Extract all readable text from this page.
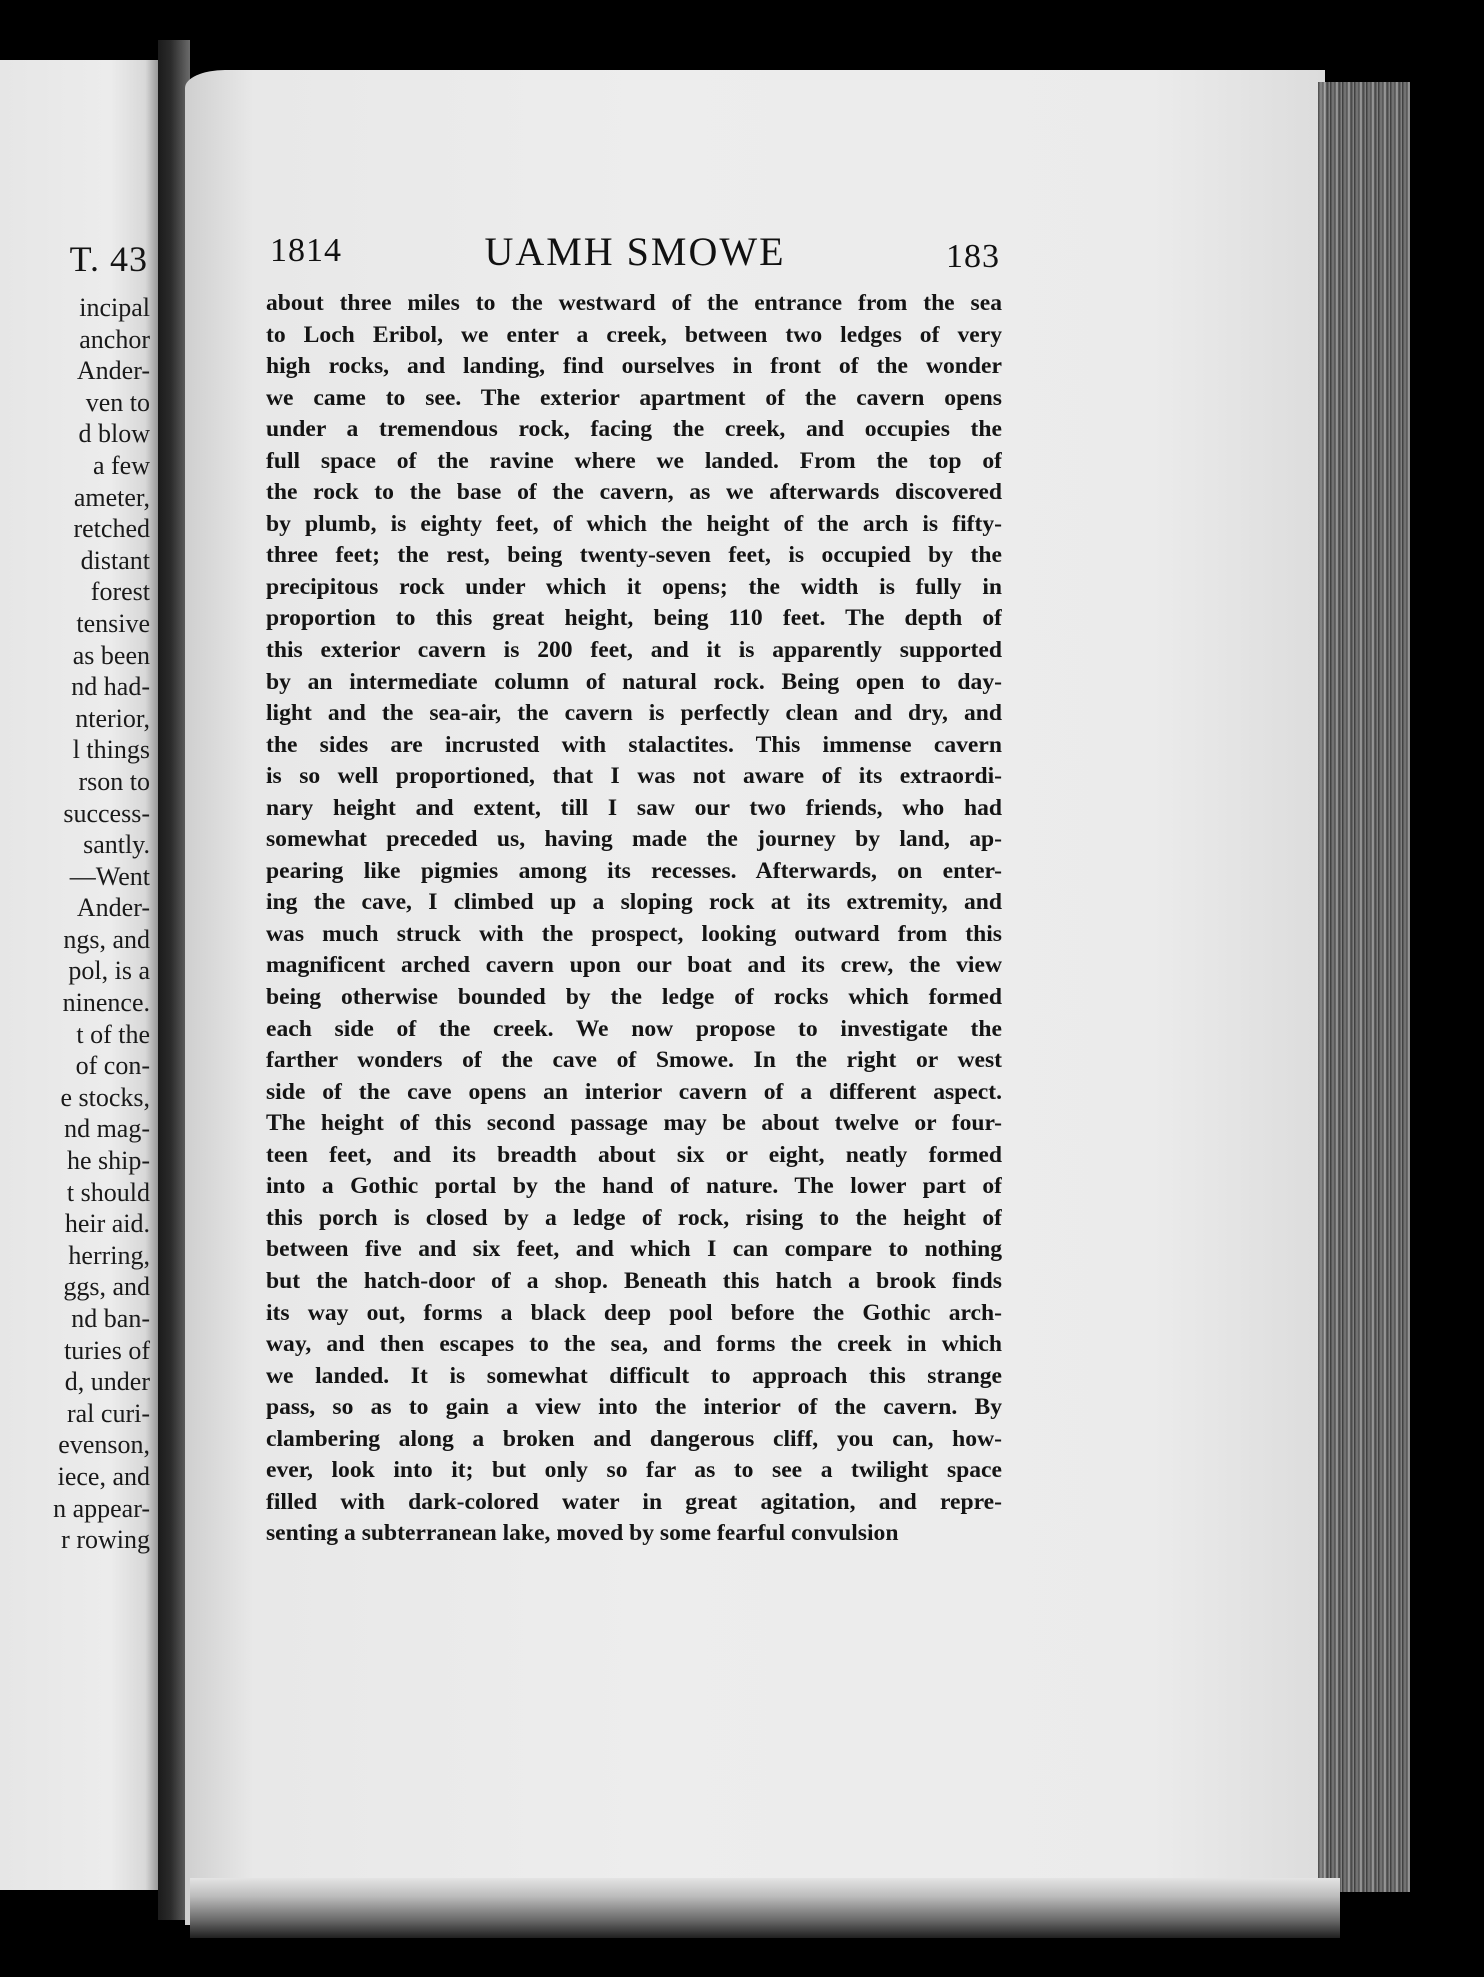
T. 43
incipal
anchor
Ander-
ven to
d blow
a few
ameter,
retched
distant
forest
tensive
as been
nd had-
nterior,
l things
rson to
success-
santly.
—Went
Ander-
ngs, and
pol, is a
ninence.
t of the
of con-
e stocks,
nd mag-
he ship-
t should
heir aid.
herring,
ggs, and
nd ban-
turies of
d, under
ral curi-
evenson,
iece, and
n appear-
r rowing
1814	UAMH SMOWE	183
about three miles to the westward of the entrance from the sea
to Loch Eribol, we enter a creek, between two ledges of very
high rocks, and landing, find ourselves in front of the wonder
we came to see. The exterior apartment of the cavern opens
under a tremendous rock, facing the creek, and occupies the
full space of the ravine where we landed. From the top of
the rock to the base of the cavern, as we afterwards discovered
by plumb, is eighty feet, of which the height of the arch is fifty-
three feet; the rest, being twenty-seven feet, is occupied by the
precipitous rock under which it opens; the width is fully in
proportion to this great height, being 110 feet. The depth of
this exterior cavern is 200 feet, and it is apparently supported
by an intermediate column of natural rock. Being open to day-
light and the sea-air, the cavern is perfectly clean and dry, and
the sides are incrusted with stalactites. This immense cavern
is so well proportioned, that I was not aware of its extraordi-
nary height and extent, till I saw our two friends, who had
somewhat preceded us, having made the journey by land, ap-
pearing like pigmies among its recesses. Afterwards, on enter-
ing the cave, I climbed up a sloping rock at its extremity, and
was much struck with the prospect, looking outward from this
magnificent arched cavern upon our boat and its crew, the view
being otherwise bounded by the ledge of rocks which formed
each side of the creek. We now propose to investigate the
farther wonders of the cave of Smowe. In the right or west
side of the cave opens an interior cavern of a different aspect.
The height of this second passage may be about twelve or four-
teen feet, and its breadth about six or eight, neatly formed
into a Gothic portal by the hand of nature. The lower part of
this porch is closed by a ledge of rock, rising to the height of
between five and six feet, and which I can compare to nothing
but the hatch-door of a shop. Beneath this hatch a brook finds
its way out, forms a black deep pool before the Gothic arch-
way, and then escapes to the sea, and forms the creek in which
we landed. It is somewhat difficult to approach this strange
pass, so as to gain a view into the interior of the cavern. By
clambering along a broken and dangerous cliff, you can, how-
ever, look into it; but only so far as to see a twilight space
filled with dark-colored water in great agitation, and repre-
senting a subterranean lake, moved by some fearful convulsion
